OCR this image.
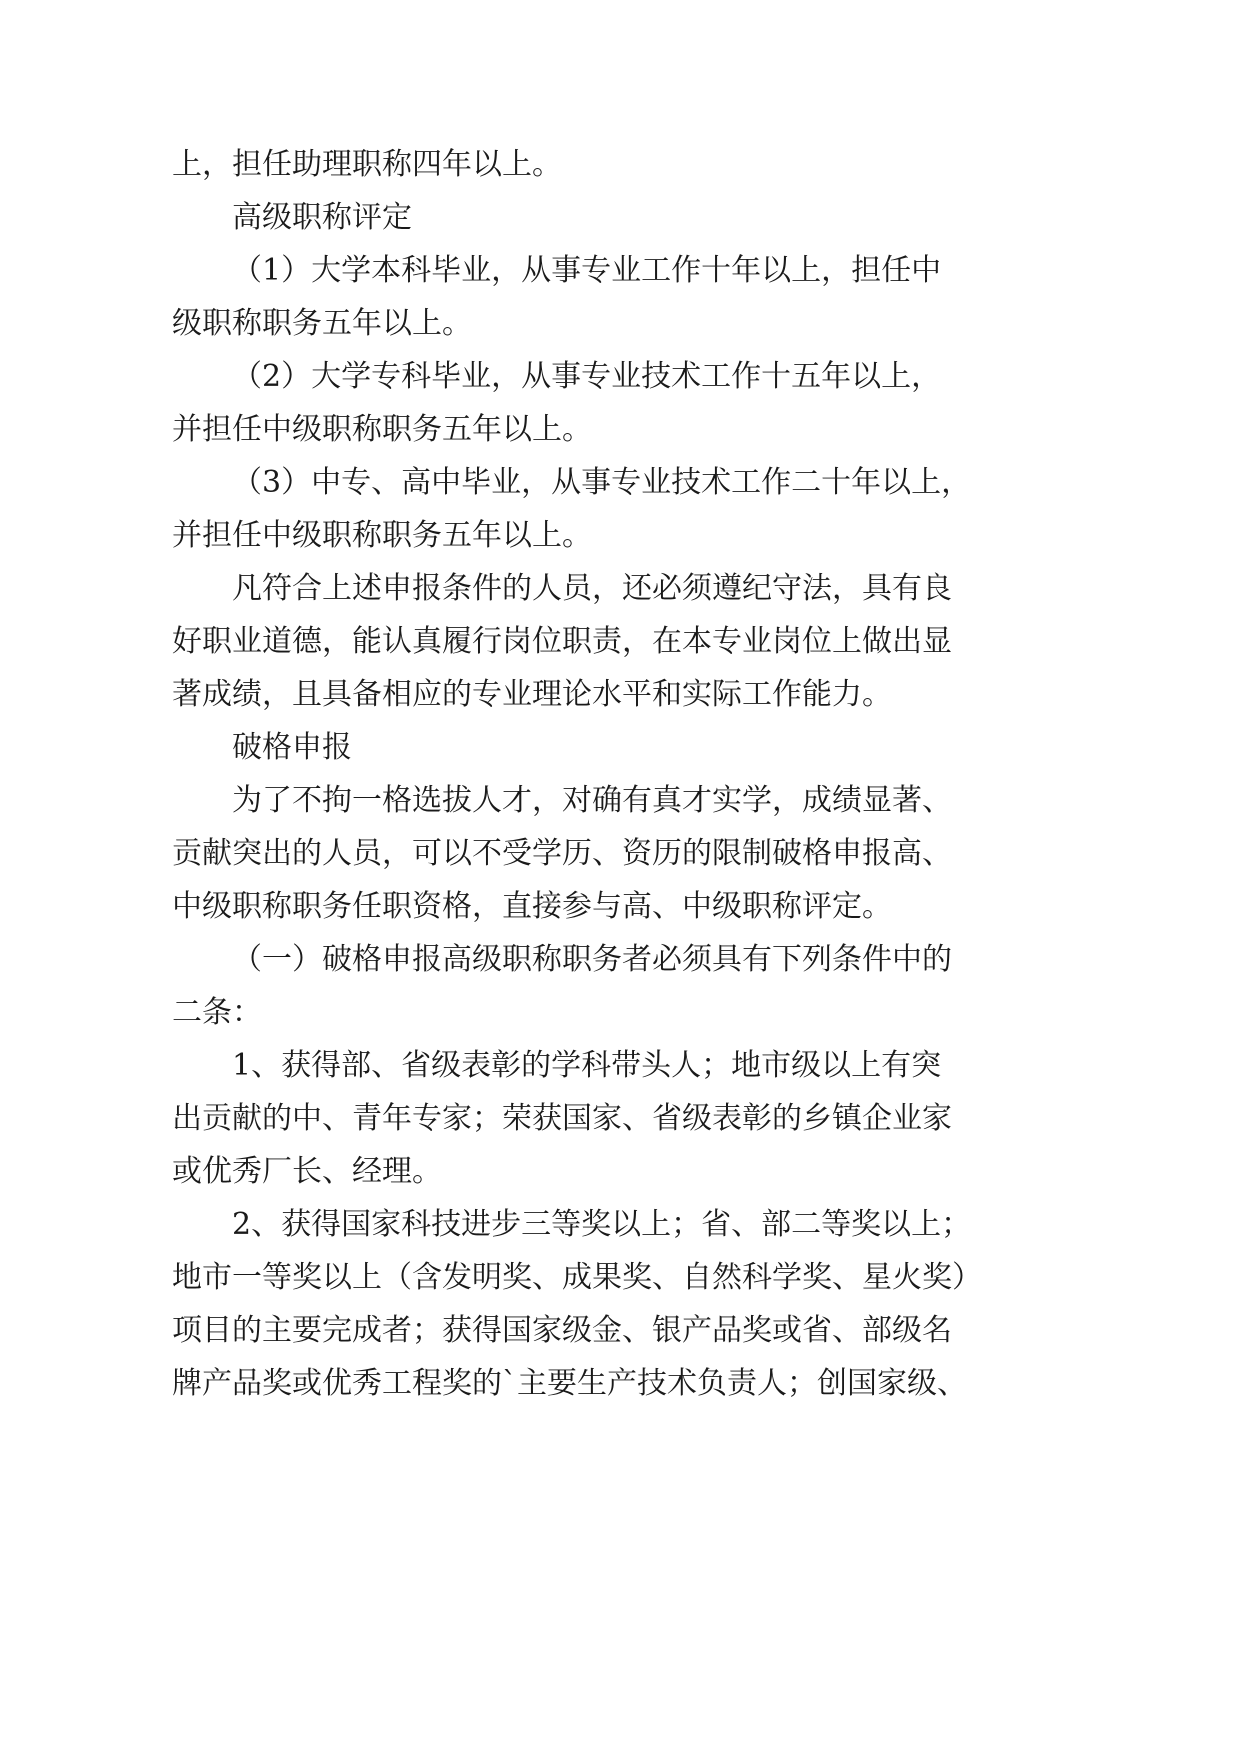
上，担任助理职称四年以上。
高级职称评定
（1）大学本科毕业，从事专业工作十年以上，担任中
级职称职务五年以上。
（2）大学专科毕业，从事专业技术工作十五年以上，
并担任中级职称职务五年以上。
（3）中专、高中毕业，从事专业技术工作二十年以上，
并担任中级职称职务五年以上。
凡符合上述申报条件的人员，还必须遵纪守法，具有良
好职业道德，能认真履行岗位职责，在本专业岗位上做出显
著成绩，且具备相应的专业理论水平和实际工作能力。
破格申报
为了不拘一格选拔人才，对确有真才实学，成绩显著、
贡献突出的人员，可以不受学历、资历的限制破格申报高、
中级职称职务任职资格，直接参与高、中级职称评定。
（一）破格申报高级职称职务者必须具有下列条件中的
二条：
1、获得部、省级表彰的学科带头人；地市级以上有突
出贡献的中、青年专家；荣获国家、省级表彰的乡镇企业家
或优秀厂长、经理。
2、获得国家科技进步三等奖以上；省、部二等奖以上；
地市一等奖以上（含发明奖、成果奖、自然科学奖、星火奖）
项目的主要完成者；获得国家级金、银产品奖或省、部级名
牌产品奖或优秀工程奖的`主要生产技术负责人；创国家级、
